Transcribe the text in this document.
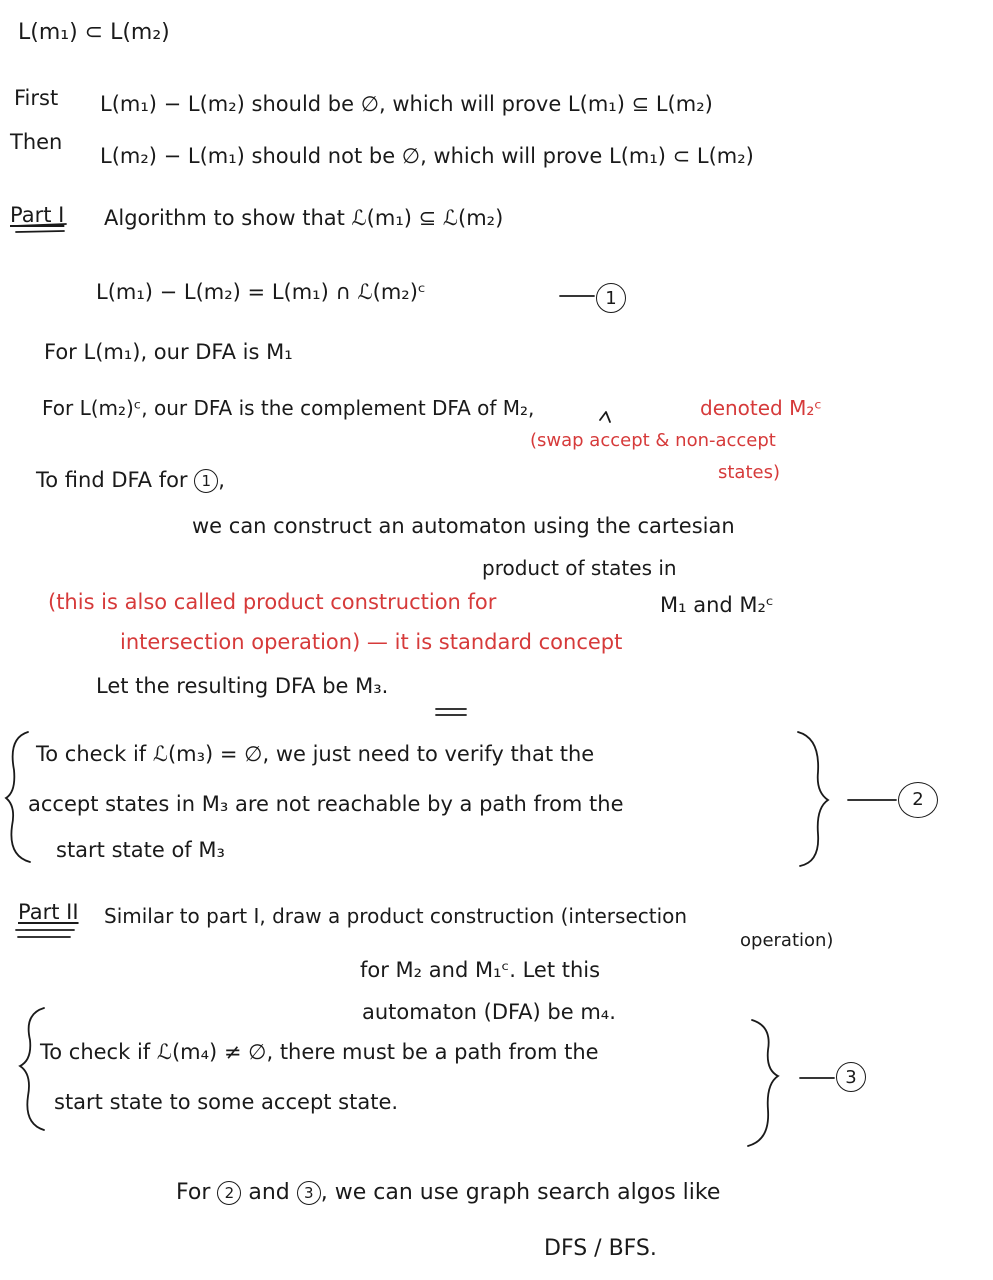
L(m₁) ⊂ L(m₂)
First L(m₁) − L(m₂) should be ∅, which will prove L(m₁) ⊆ L(m₂)
Then
L(m₂) − L(m₁) should not be ∅, which will prove L(m₁) ⊂ L(m₂)
Part I Algorithm to show that ℒ(m₁) ⊆ ℒ(m₂)
L(m₁) − L(m₂) = L(m₁) ∩ ℒ(m₂)ᶜ	1
For L(m₁), our DFA is M₁
For L(m₂)ᶜ, our DFA is the complement DFA of M₂,	denoted M₂ᶜ
(swap accept & non-accept
states)
To find DFA for 1 ,
we can construct an automaton using the cartesian
product of states in
M₁ and M₂ᶜ
(this is also called product construction for
intersection operation) — it is standard concept
Let the resulting DFA be M₃.
To check if ℒ(m₃) = ∅, we just need to verify that the
accept states in M₃ are not reachable by a path from the
start state of M₃
2
Part II Similar to part I, draw a product construction (intersection
operation)
for M₂ and M₁ᶜ. Let this
automaton (DFA) be m₄.
To check if ℒ(m₄) ≠ ∅, there must be a path from the
start state to some accept state.
3
For 2 and 3 , we can use graph search algos like
DFS / BFS.
